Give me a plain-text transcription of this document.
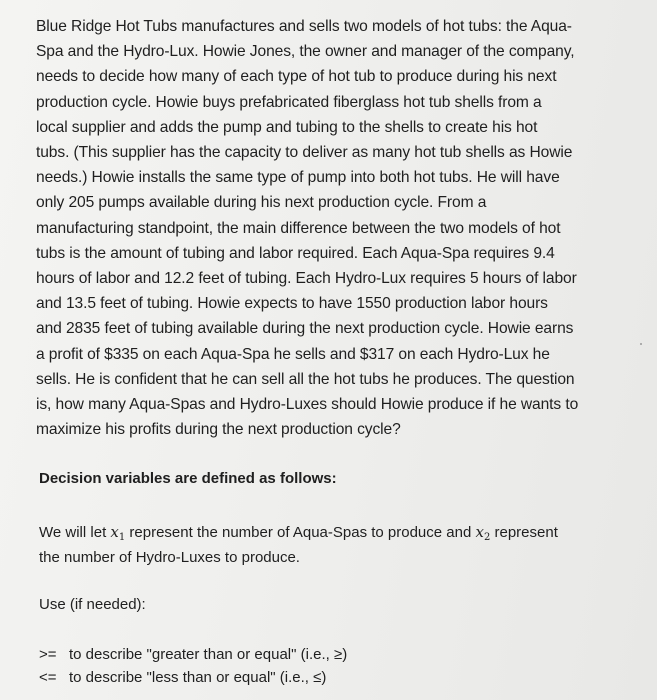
Blue Ridge Hot Tubs manufactures and sells two models of hot tubs: the Aqua-
Spa and the Hydro-Lux. Howie Jones, the owner and manager of the company,
needs to decide how many of each type of hot tub to produce during his next
production cycle. Howie buys prefabricated fiberglass hot tub shells from a
local supplier and adds the pump and tubing to the shells to create his hot
tubs. (This supplier has the capacity to deliver as many hot tub shells as Howie
needs.) Howie installs the same type of pump into both hot tubs. He will have
only 205 pumps available during his next production cycle. From a
manufacturing standpoint, the main difference between the two models of hot
tubs is the amount of tubing and labor required. Each Aqua-Spa requires 9.4
hours of labor and 12.2 feet of tubing. Each Hydro-Lux requires 5 hours of labor
and 13.5 feet of tubing. Howie expects to have 1550 production labor hours
and 2835 feet of tubing available during the next production cycle. Howie earns
a profit of $335 on each Aqua-Spa he sells and $317 on each Hydro-Lux he
sells. He is confident that he can sell all the hot tubs he produces. The question
is, how many Aqua-Spas and Hydro-Luxes should Howie produce if he wants to
maximize his profits during the next production cycle?

Decision variables are defined as follows:

We will let $x_1$ represent the number of Aqua-Spas to produce and $x_2$ represent
the number of Hydro-Luxes to produce.

Use (if needed):

>= to describe "greater than or equal" (i.e., ≥)
<= to describe "less than or equal" (i.e., ≤)
